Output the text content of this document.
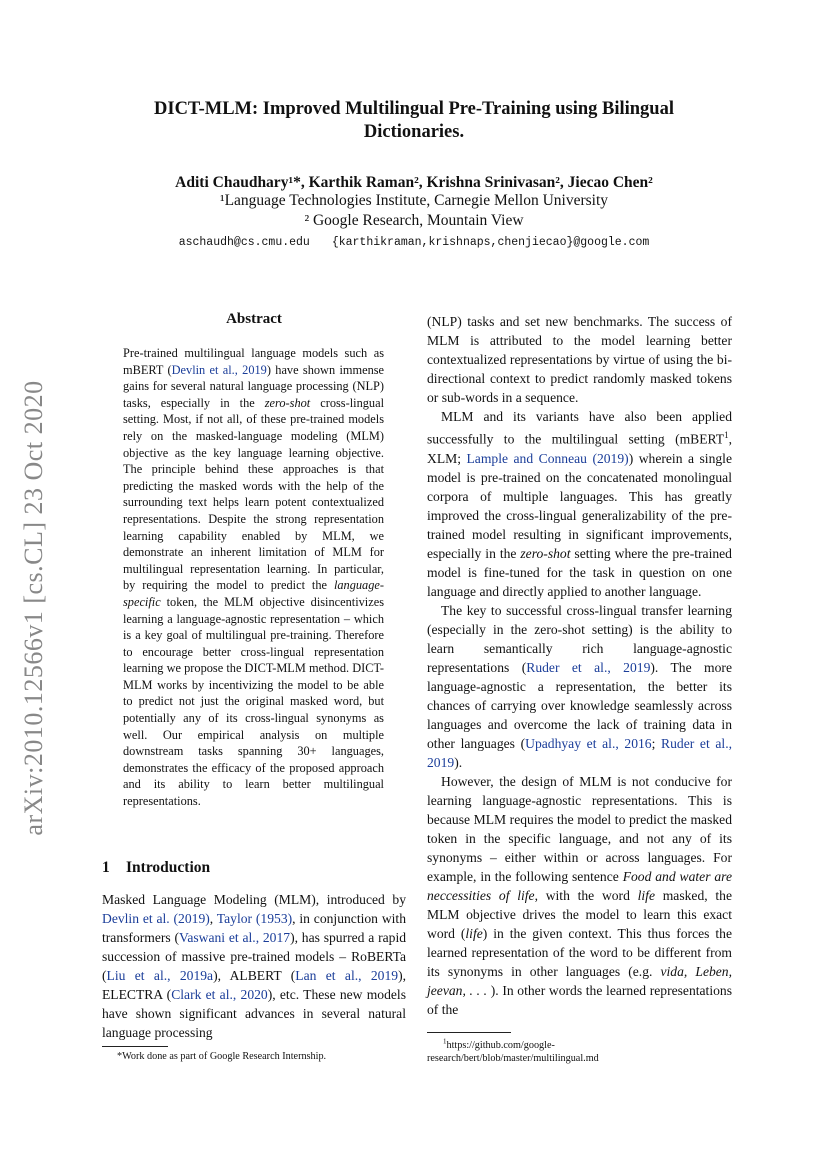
DICT-MLM: Improved Multilingual Pre-Training using Bilingual
Dictionaries.
Aditi Chaudhary¹*, Karthik Raman², Krishna Srinivasan², Jiecao Chen²
¹Language Technologies Institute, Carnegie Mellon University
² Google Research, Mountain View
aschaudh@cs.cmu.edu {karthikraman,krishnaps,chenjiecao}@google.com
arXiv:2010.12566v1 [cs.CL] 23 Oct 2020
Abstract

Pre-trained multilingual language models such as mBERT (Devlin et al., 2019) have shown immense gains for several natural language processing (NLP) tasks, especially in the zero-shot cross-lingual setting. Most, if not all, of these pre-trained models rely on the masked-language modeling (MLM) objective as the key language learning objective. The principle behind these approaches is that predicting the masked words with the help of the surrounding text helps learn potent contextualized representations. Despite the strong representation learning capability enabled by MLM, we demonstrate an inherent limitation of MLM for multilingual representation learning. In particular, by requiring the model to predict the language-specific token, the MLM objective disincentivizes learning a language-agnostic representation – which is a key goal of multilingual pre-training. Therefore to encourage better cross-lingual representation learning we propose the DICT-MLM method. DICT-MLM works by incentivizing the model to be able to predict not just the original masked word, but potentially any of its cross-lingual synonyms as well. Our empirical analysis on multiple downstream tasks spanning 30+ languages, demonstrates the efficacy of the proposed approach and its ability to learn better multilingual representations.

1 Introduction

Masked Language Modeling (MLM), introduced by Devlin et al. (2019), Taylor (1953), in conjunction with transformers (Vaswani et al., 2017), has spurred a rapid succession of massive pre-trained models – RoBERTa (Liu et al., 2019a), ALBERT (Lan et al., 2019), ELECTRA (Clark et al., 2020), etc. These new models have shown significant advances in several natural language processing

(NLP) tasks and set new benchmarks. The success of MLM is attributed to the model learning better contextualized representations by virtue of using the bi-directional context to predict randomly masked tokens or sub-words in a sequence.

MLM and its variants have also been applied successfully to the multilingual setting (mBERT$^1$, XLM; Lample and Conneau (2019)) wherein a single model is pre-trained on the concatenated monolingual corpora of multiple languages. This has greatly improved the cross-lingual generalizability of the pre-trained model resulting in significant improvements, especially in the zero-shot setting where the pre-trained model is fine-tuned for the task in question on one language and directly applied to another language.

The key to successful cross-lingual transfer learning (especially in the zero-shot setting) is the ability to learn semantically rich language-agnostic representations (Ruder et al., 2019). The more language-agnostic a representation, the better its chances of carrying over knowledge seamlessly across languages and overcome the lack of training data in other languages (Upadhyay et al., 2016; Ruder et al., 2019).

However, the design of MLM is not conducive for learning language-agnostic representations. This is because MLM requires the model to predict the masked token in the specific language, and not any of its synonyms – either within or across languages. For example, in the following sentence Food and water are neccessities of life, with the word life masked, the MLM objective drives the model to learn this exact word (life) in the given context. This thus forces the learned representation of the word to be different from its synonyms in other languages (e.g. vida, Leben, jeevan, . . . ). In other words the learned representations of the

*Work done as part of Google Research Internship.
$^1$https://github.com/google-
research/bert/blob/master/multilingual.md
